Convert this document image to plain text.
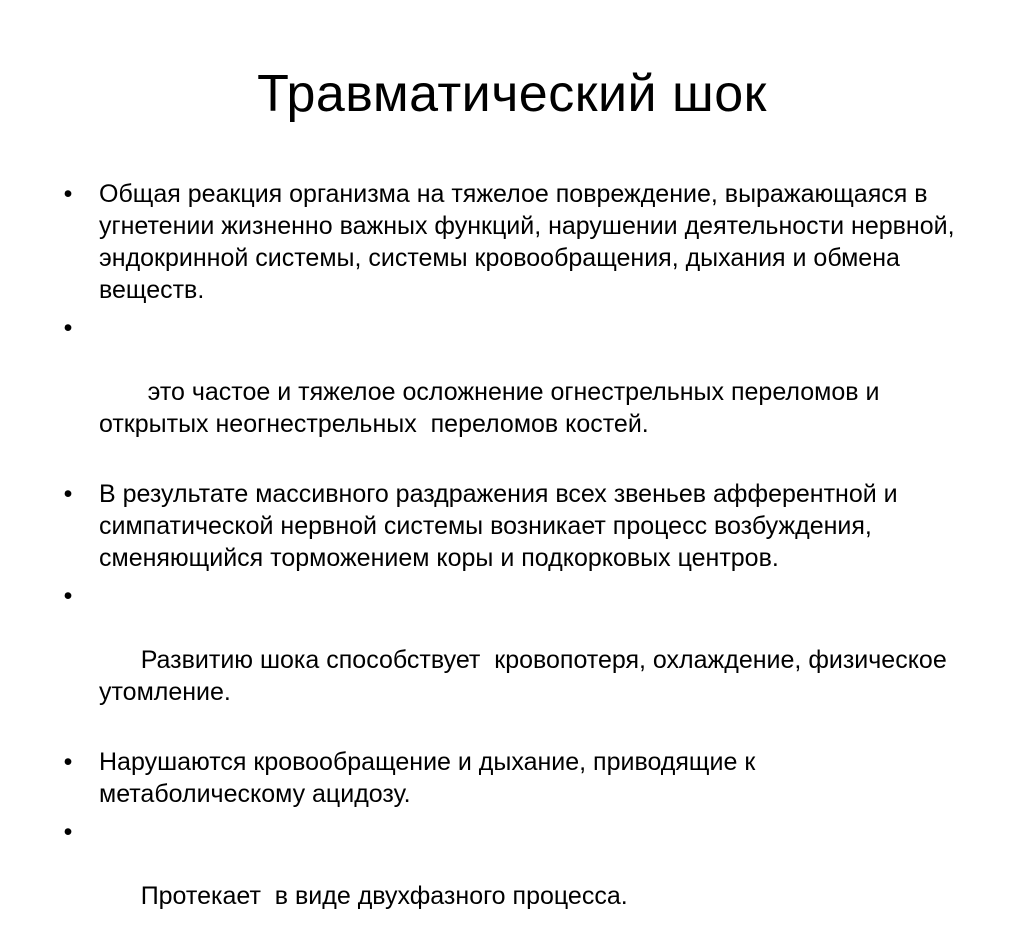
Травматический шок
• Общая реакция организма на тяжелое повреждение, выражающаяся в угнетении жизненно важных функций, нарушении деятельности нервной, эндокринной системы, системы кровообращения, дыхания и обмена веществ.

•

это частое и тяжелое осложнение огнестрельных переломов и открытых неогнестрельных  переломов костей.

• В результате массивного раздражения всех звеньев афферентной и симпатической нервной системы возникает процесс возбуждения, сменяющийся торможением коры и подкорковых центров.

•

Развитию шока способствует  кровопотеря, охлаждение, физическое утомление.

• Нарушаются кровообращение и дыхание, приводящие к метаболическому ацидозу.

•

Протекает  в виде двухфазного процесса.
